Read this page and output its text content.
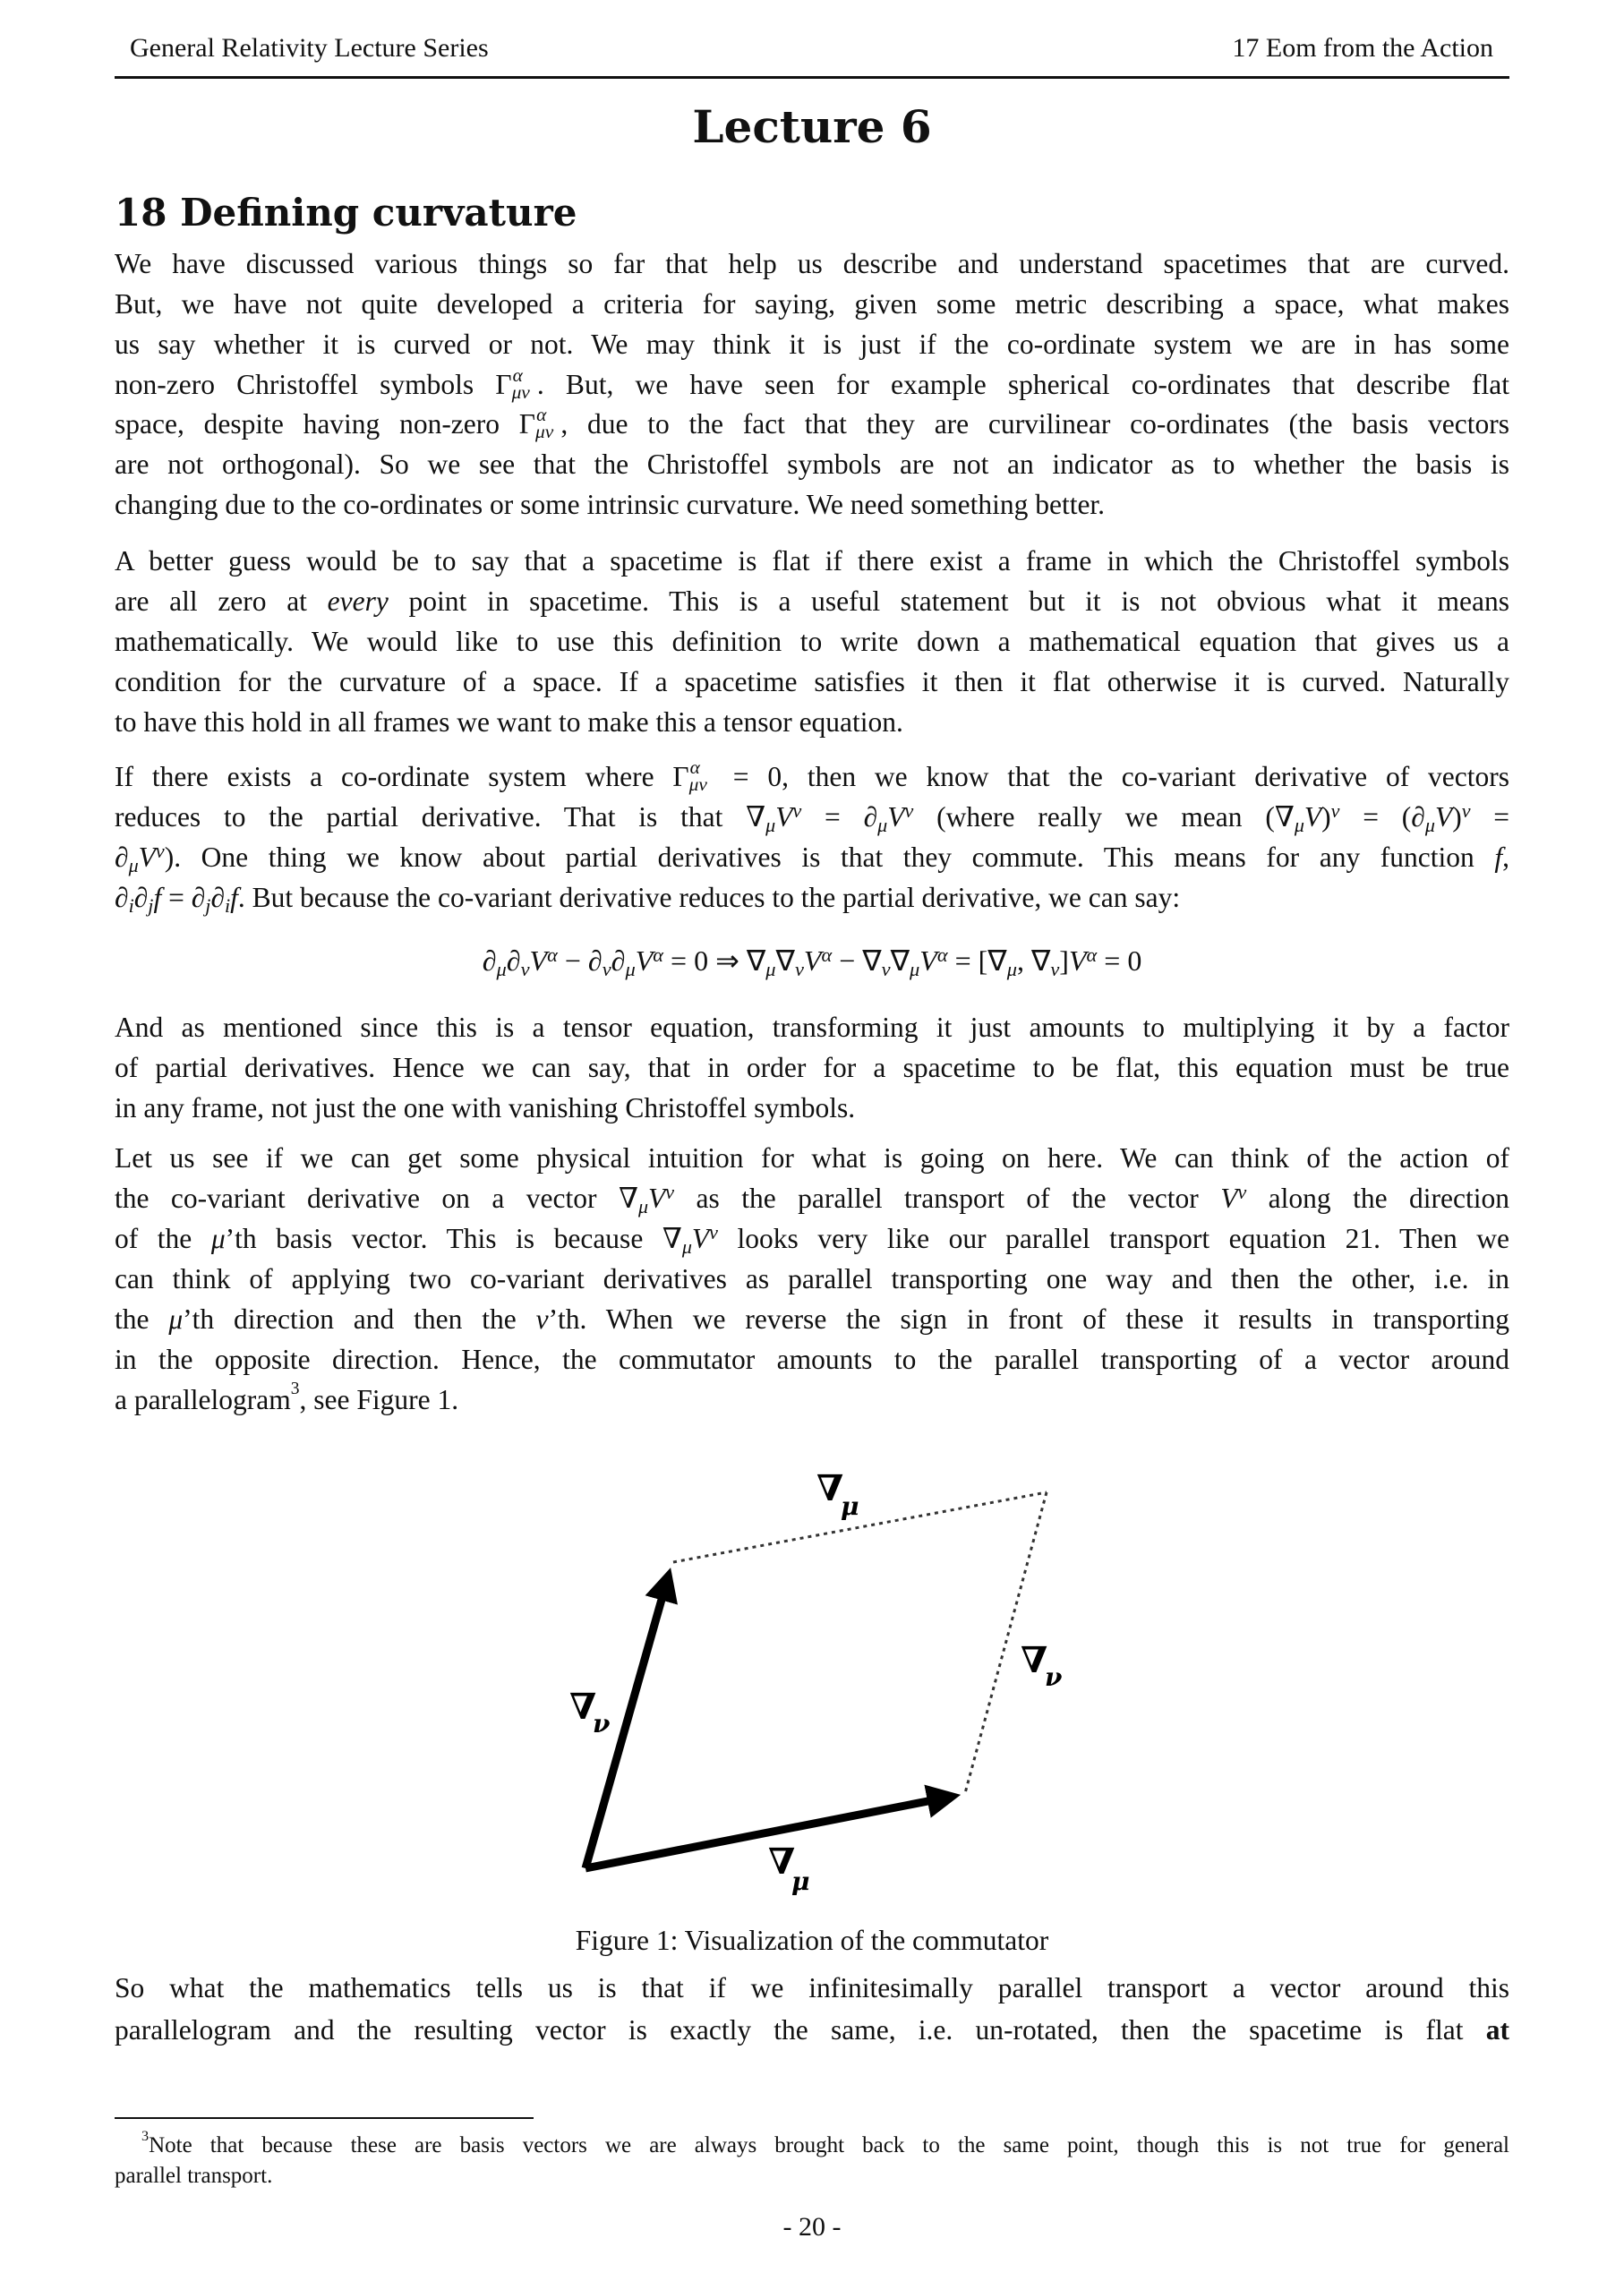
General Relativity Lecture Series	17 Eom from the Action
Lecture 6
18 Defining curvature
We have discussed various things so far that help us describe and understand spacetimes that are curved.
But, we have not quite developed a criteria for saying, given some metric describing a space, what makes
us say whether it is curved or not. We may think it is just if the co-ordinate system we are in has some
non-zero Christoffel symbols Γ α
μν . But, we have seen for example spherical co-ordinates that describe flat
space, despite having non-zero Γ α
μν , due to the fact that they are curvilinear co-ordinates (the basis vectors
are not orthogonal). So we see that the Christoffel symbols are not an indicator as to whether the basis is
changing due to the co-ordinates or some intrinsic curvature. We need something better.
A better guess would be to say that a spacetime is flat if there exist a frame in which the Christoffel symbols
are all zero at every point in spacetime. This is a useful statement but it is not obvious what it means
mathematically. We would like to use this definition to write down a mathematical equation that gives us a
condition for the curvature of a space. If a spacetime satisfies it then it flat otherwise it is curved. Naturally
to have this hold in all frames we want to make this a tensor equation.
If there exists a co-ordinate system where Γ α
μν = 0, then we know that the co-variant derivative of vectors
reduces to the partial derivative. That is that $\nabla\mu V^\nu = \partial\mu V^\nu$ (where really we mean $(\nabla\mu V)^\nu = (\partial\mu V)^\nu$ =
$\partial\mu V^\nu$). One thing we know about partial derivatives is that they commute. This means for any function f,
∂i∂jf = ∂j∂if. But because the co-variant derivative reduces to the partial derivative, we can say:
$\partial\mu\partial\nu V^\alpha - \partial\nu\partial\mu V^\alpha = 0$ ⇒ $\nabla\mu\nabla\nu V^\alpha - \nabla\nu\nabla\mu V^\alpha = [\nabla\mu$, $\nabla\nu]V^\alpha = 0$
And as mentioned since this is a tensor equation, transforming it just amounts to multiplying it by a factor
of partial derivatives. Hence we can say, that in order for a spacetime to be flat, this equation must be true
in any frame, not just the one with vanishing Christoffel symbols.
Let us see if we can get some physical intuition for what is going on here. We can think of the action of
the co-variant derivative on a vector $\nabla\mu V^\nu$ as the parallel transport of the vector $V^\nu$ along the direction
of the μ’th basis vector. This is because $\nabla\mu V^\nu$ looks very like our parallel transport equation 21. Then we
can think of applying two co-variant derivatives as parallel transporting one way and then the other, i.e. in
the μ’th direction and then the ν’th. When we reverse the sign in front of these it results in transporting
in the opposite direction. Hence, the commutator amounts to the parallel transporting of a vector around
a parallelogram$^3$, see Figure 1.
∇
μ
∇
ν
∇
μ
∇
ν
Figure 1: Visualization of the commutator
So what the mathematics tells us is that if we infinitesimally parallel transport a vector around this
parallelogram and the resulting vector is exactly the same, i.e. un-rotated, then the spacetime is flat at
$^3$Note that because these are basis vectors we are always brought back to the same point, though this is not true for general
parallel transport.
- 20 -
